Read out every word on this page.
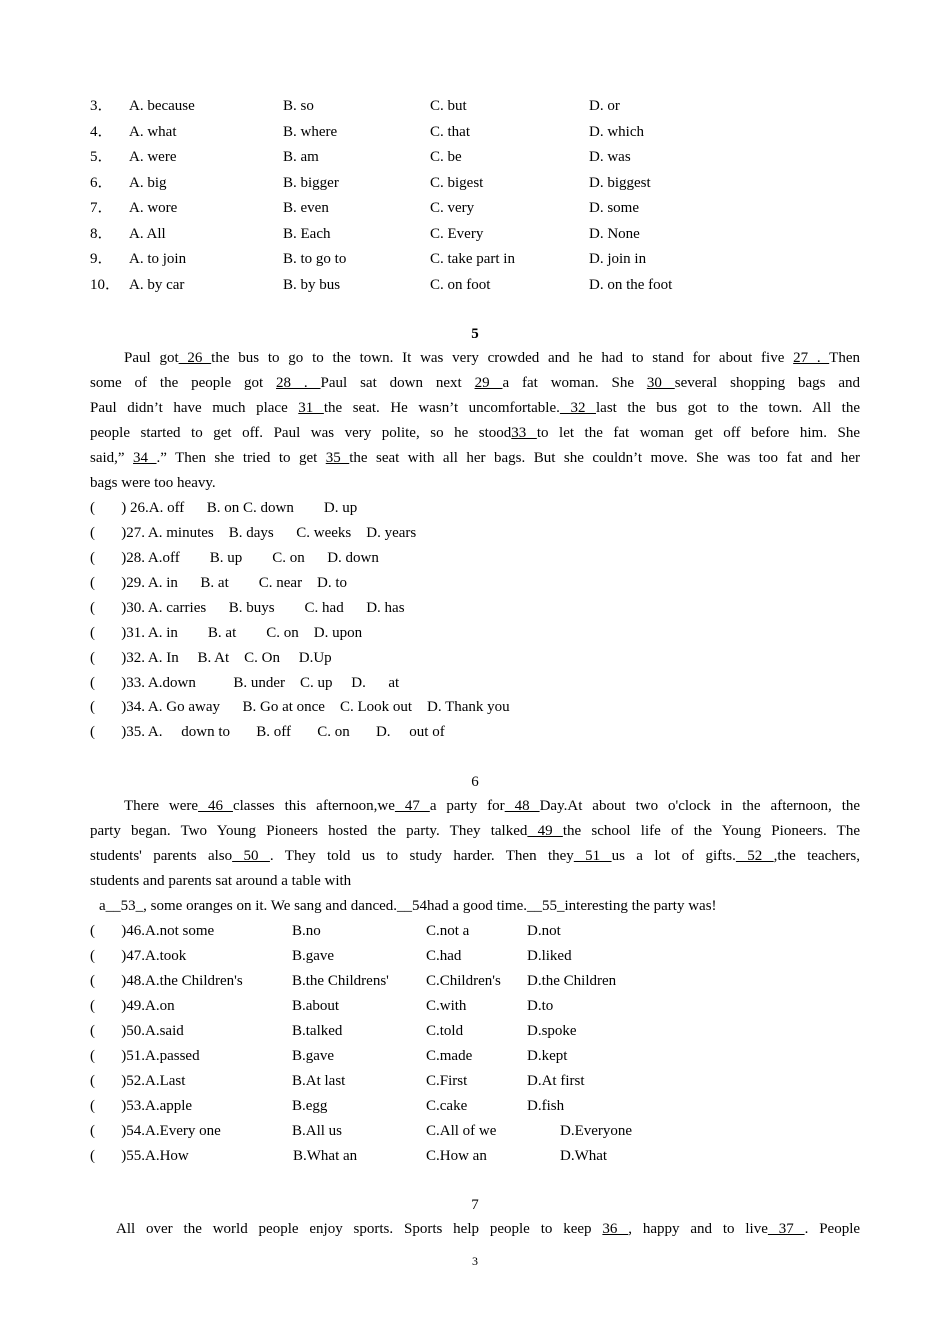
3． A. because	B. so	C. but	D. or
4． A. what	B. where	C. that	D. which
5． A. were	B. am	C. be	D. was
6． A. big	B. bigger	C. bigest	D. biggest
7． A. wore	B. even	C. very	D. some
8． A. All	B. Each	C. Every	D. None
9． A. to join	B. to go to	C. take part in	D. join in
10． A. by car	B. by bus	C. on foot	D. on the foot
5
Paul got 26 the bus to go to the town. It was very crowded and he had to stand for about five 27 . Then
some of the people got 28 . Paul sat down next 29 a fat woman. She 30 several shopping bags and
Paul didn’t have much place 31 the seat. He wasn’t uncomfortable. 32 last the bus got to the town. All the
people started to get off. Paul was very polite, so he stood33 to let the fat woman get off before him. She
said,” 34 .” Then she tried to get 35 the seat with all her bags. But she couldn’t move. She was too fat and her
bags were too heavy.
(       ) 26.A. off      B. on C. down        D. up
(       )27. A. minutes    B. days      C. weeks    D. years
(       )28. A.off        B. up        C. on      D. down
(       )29. A. in      B. at        C. near    D. to
(       )30. A. carries      B. buys        C. had      D. has
(       )31. A. in        B. at        C. on    D. upon
(       )32. A. In     B. At    C. On     D.Up
(       )33. A.down          B. under    C. up     D.      at
(       )34. A. Go away      B. Go at once    C. Look out    D. Thank you
(       )35. A.     down to       B. off       C. on       D.     out of
6
There were 46 classes this afternoon,we 47 a party for 48 Day.At about two o'clock in the afternoon, the
party began. Two Young Pioneers hosted the party. They talked 49 the school life of the Young Pioneers. The
students' parents also 50 . They told us to study harder. Then they 51 us a lot of gifts. 52 ,the teachers,
students and parents sat around a table with
a__53_, some oranges on it. We sang and danced.__54had a good time.__55_interesting the party was!
(       )46.A.not some	B.no	C.not a	D.not
(       )47.A.took	B.gave	C.had	D.liked
(       )48.A.the Children's	B.the Childrens' C.Children's D.the Children
(       )49.A.on	B.about	C.with	D.to
(       )50.A.said	B.talked	C.told	D.spoke
(       )51.A.passed	B.gave	C.made	D.kept
(       )52.A.Last	B.At last	C.First	D.At first
(       )53.A.apple	B.egg	C.cake	D.fish
(       )54.A.Every one	B.All us	C.All of we	D.Everyone
(       )55.A.How	B.What an	C.How an	D.What
7
All over the world people enjoy sports. Sports help people to keep 36 , happy and to live 37 . People
3
